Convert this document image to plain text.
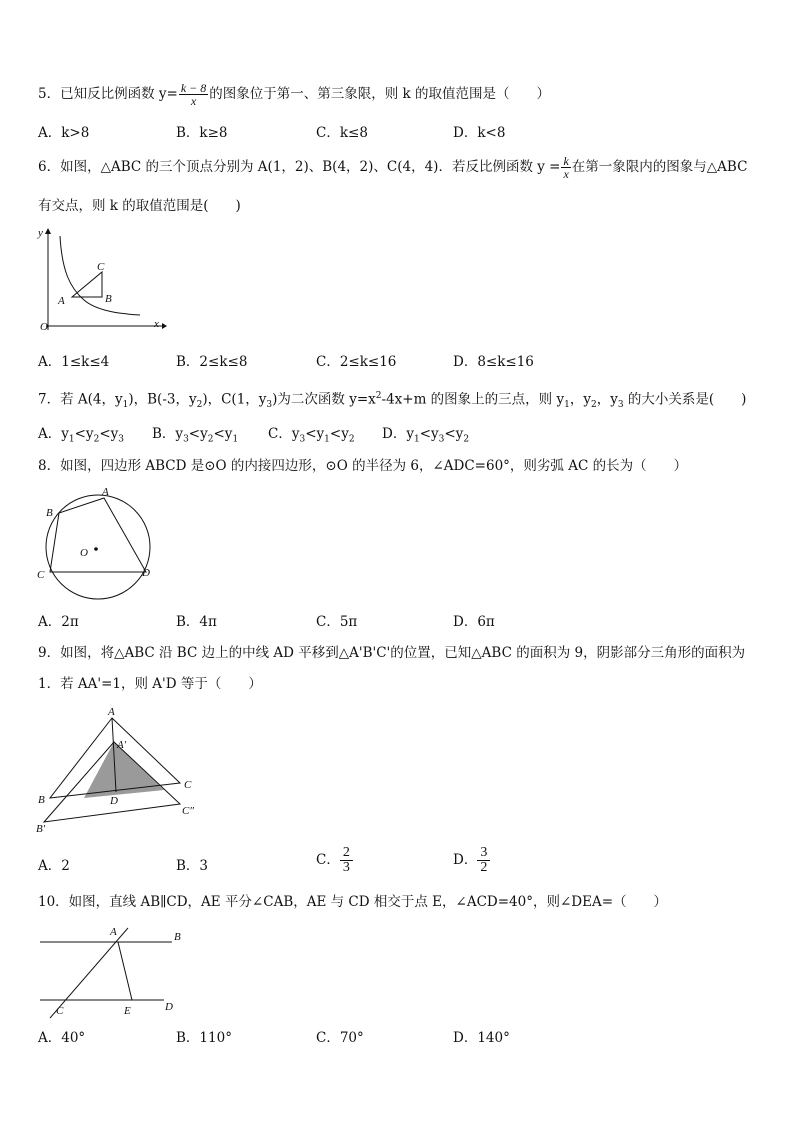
5．已知反比例函数 $y= \frac{k - 8}{x}$ 的图象位于第一、第三象限，则 k 的取值范围是（　　）
A．k>8	B．k≥8	C．k≤8	D．k<8
6．如图，△ABC 的三个顶点分别为 A(1，2)、B(4，2)、C(4，4)．若反比例函数 $y = \frac{k}{x}$ 在第一象限内的图象与△ABC
有交点，则 k 的取值范围是(　　)
y
x
O
A	B
C
A．1≤k≤4	B．2≤k≤8	C．2≤k≤16	D．8≤k≤16
7．若 A(4，$y_1$)，B(-3，$y_2$)，C(1，$y_3$)为二次函数 $y=x^2-4x+m$ 的图象上的三点，则 $y_1$，$y_2$，$y_3$ 的大小关系是(　　)
A．$y_1<y_2<y_3$ B．$y_3<y_2<y_1$ C．$y_3<y_1<y_2$ D．$y_1<y_3<y_2$
8．如图，四边形 ABCD 是⊙O 的内接四边形，⊙O 的半径为 6，∠ADC=60°，则劣弧 AC 的长为（　　）
A
B
C	D
O
A．2π	B．4π	C．5π	D．6π
9．如图，将△ABC 沿 BC 边上的中线 AD 平移到△A'B'C'的位置，已知△ABC 的面积为 9，阴影部分三角形的面积为
1．若 AA'=1，则 A'D 等于（　　）
A
A′
B
B′
C
C″
D
A．2	B．3	C． $\frac{2}{3}$	D． $\frac{3}{2}$
10．如图，直线 AB∥CD，AE 平分∠CAB，AE 与 CD 相交于点 E，∠ACD=40°，则∠DEA=（　　）
A	B
C	D
E
A．40°	B．110°	C．70°	D．140°
